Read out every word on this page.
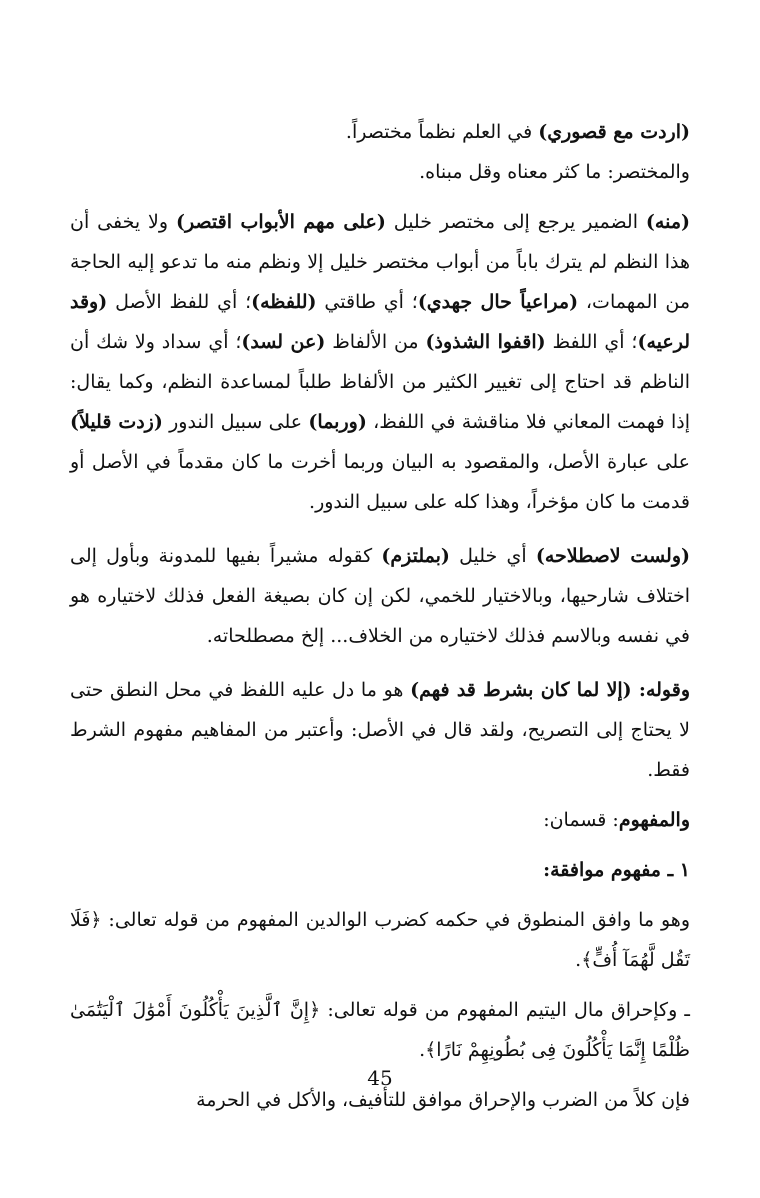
(اردت مع قصوري) في العلم نظماً مختصراً.

والمختصر: ما كثر معناه وقل مبناه.

(منه) الضمير يرجع إلى مختصر خليل (على مهم الأبواب اقتصر) ولا يخفى أن هذا النظم لم يترك باباً من أبواب مختصر خليل إلا ونظم منه ما تدعو إليه الحاجة من المهمات، (مراعياً حال جهدي)؛ أي طاقتي (للفظه)؛ أي للفظ الأصل (وقد لرعيه)؛ أي اللفظ (اقفوا الشذوذ) من الألفاظ (عن لسد)؛ أي سداد ولا شك أن الناظم قد احتاج إلى تغيير الكثير من الألفاظ طلباً لمساعدة النظم، وكما يقال: إذا فهمت المعاني فلا مناقشة في اللفظ، (وربما) على سبيل الندور (زدت قليلاً) على عبارة الأصل، والمقصود به البيان وربما أخرت ما كان مقدماً في الأصل أو قدمت ما كان مؤخراً، وهذا كله على سبيل الندور.

(ولست لاصطلاحه) أي خليل (بملتزم) كقوله مشيراً بفيها للمدونة وبأول إلى اختلاف شارحيها، وبالاختيار للخمي، لكن إن كان بصيغة الفعل فذلك لاختياره هو في نفسه وبالاسم فذلك لاختياره من الخلاف... إلخ مصطلحاته.

وقوله: (إلا لما كان بشرط قد فهم) هو ما دل عليه اللفظ في محل النطق حتى لا يحتاج إلى التصريح، ولقد قال في الأصل: وأعتبر من المفاهيم مفهوم الشرط فقط.

والمفهوم: قسمان:

١ ـ مفهوم موافقة:

وهو ما وافق المنطوق في حكمه كضرب الوالدين المفهوم من قوله تعالى: ﴿فَلَا تَقُل لَّهُمَآ أُفٍّ﴾.

ـ وكإحراق مال اليتيم المفهوم من قوله تعالى: ﴿إِنَّ ٱلَّذِينَ يَأْكُلُونَ أَمْوَٰلَ ٱلْيَتَٰمَىٰ ظُلْمًا إِنَّمَا يَأْكُلُونَ فِى بُطُونِهِمْ نَارًا﴾.

فإن كلاً من الضرب والإحراق موافق للتأفيف، والأكل في الحرمة

45
